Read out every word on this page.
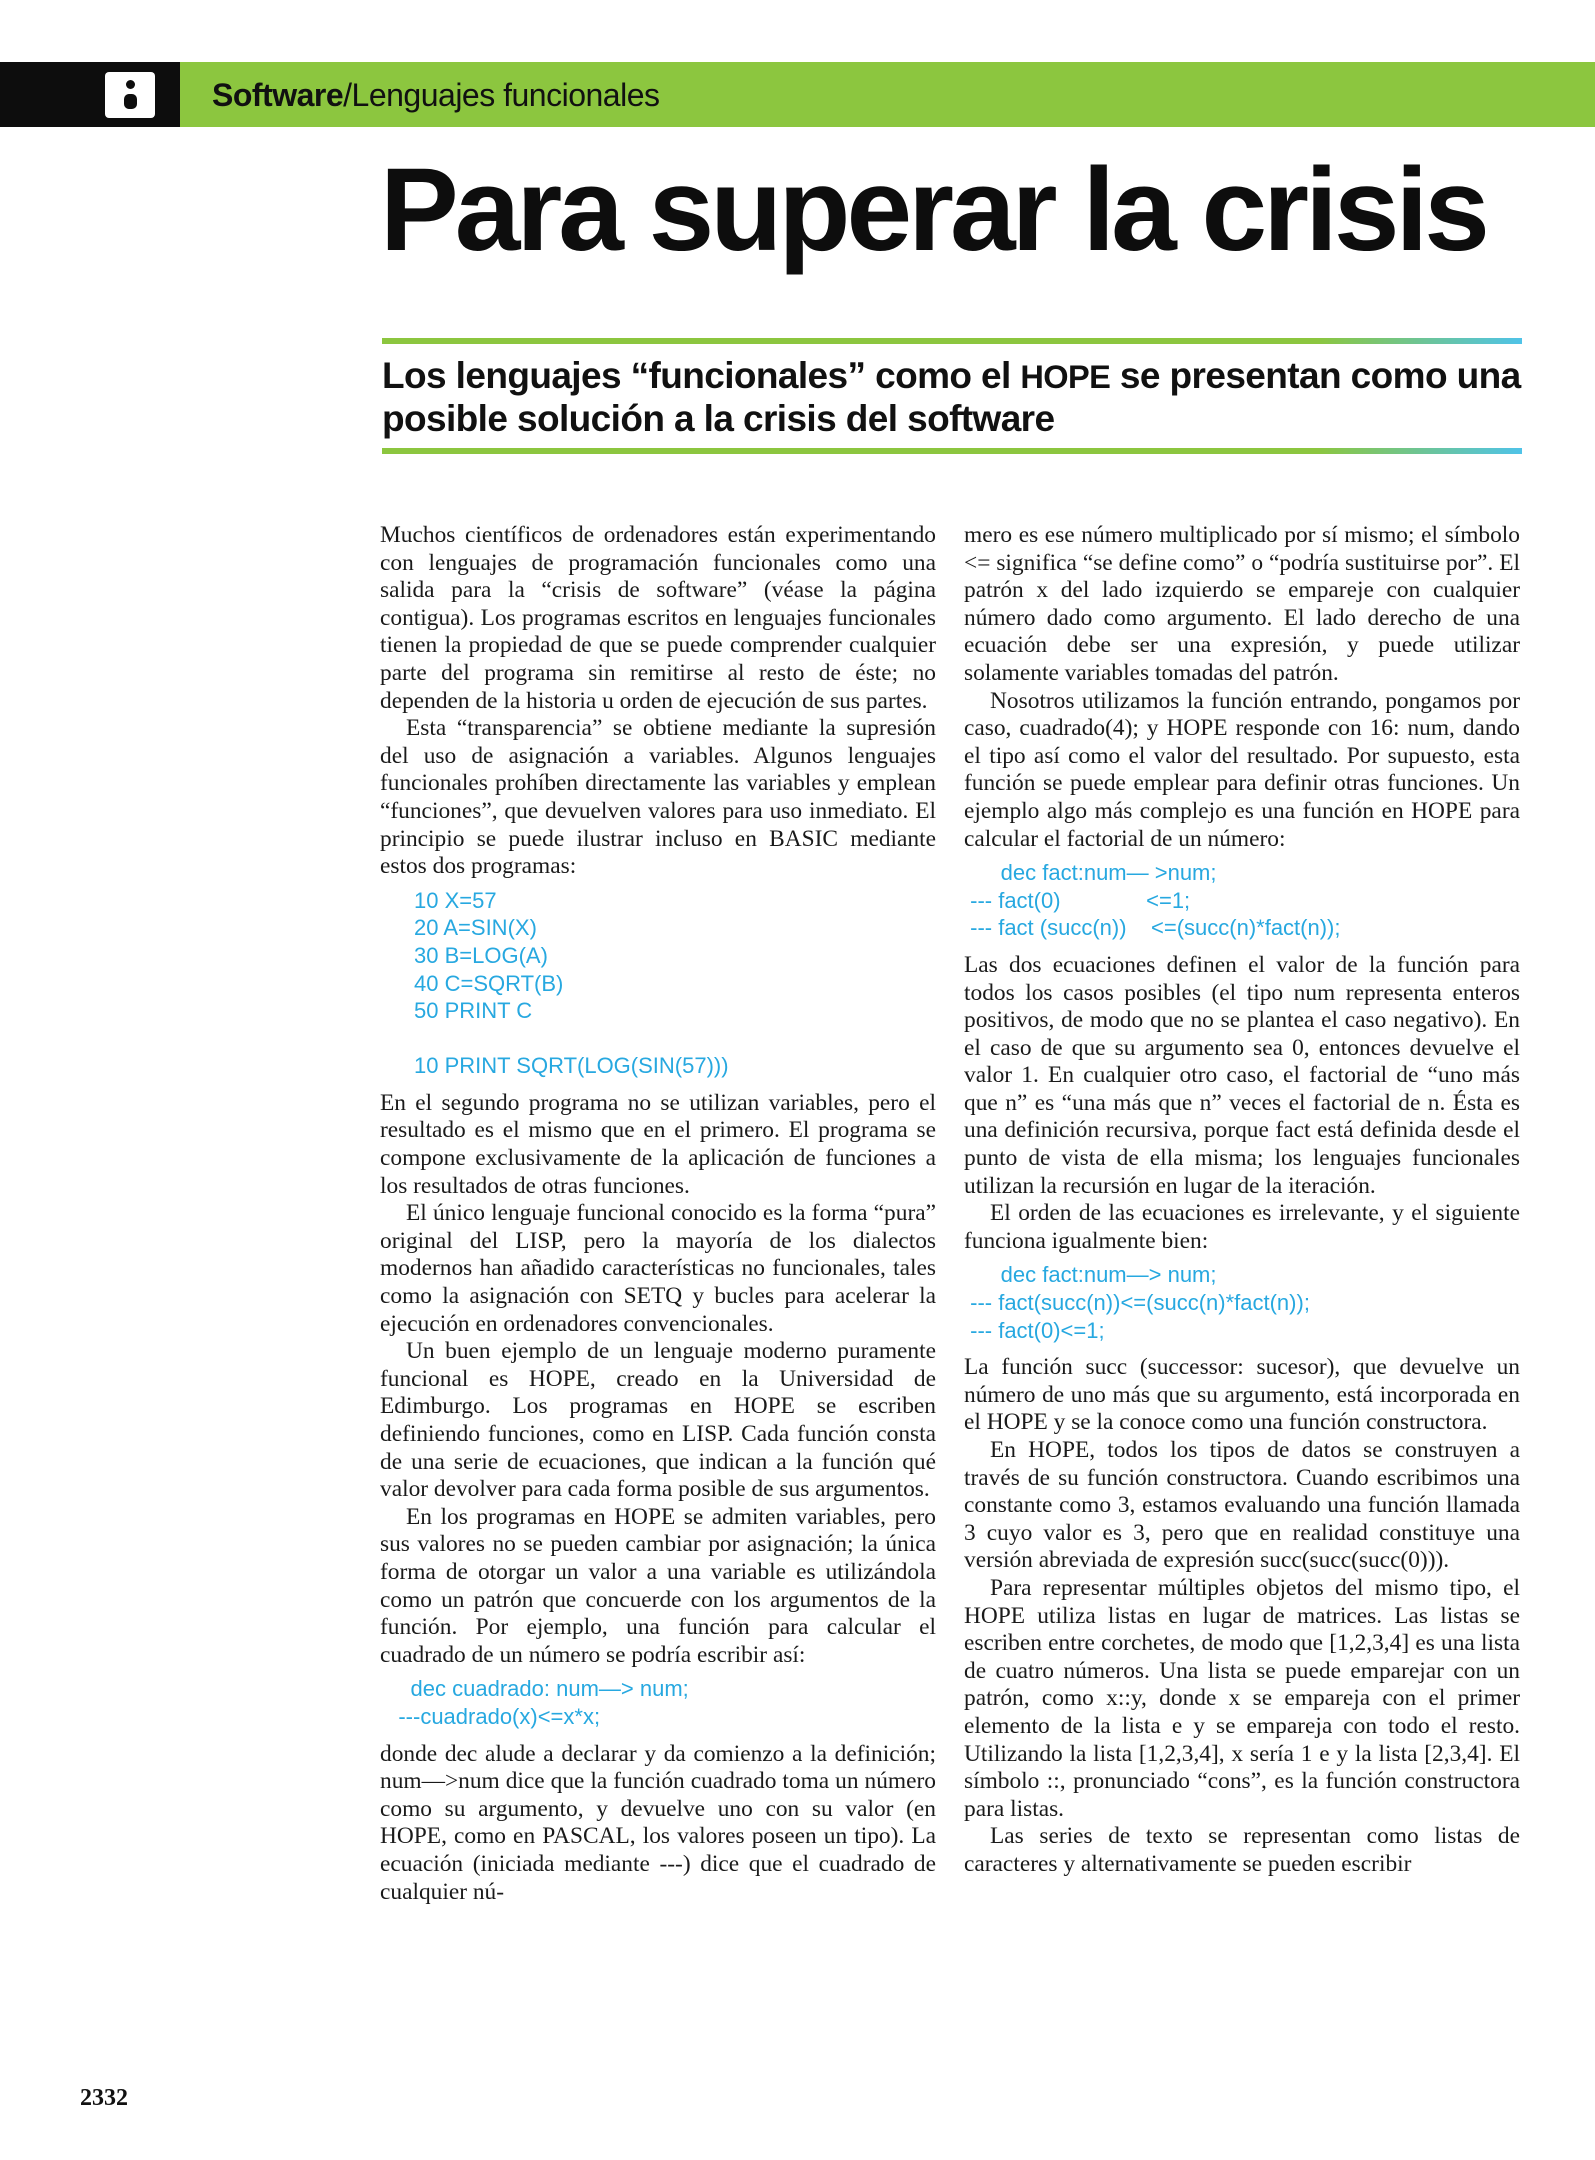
Software/Lenguajes funcionales
Para superar la crisis
Los lenguajes “funcionales” como el HOPE se presentan como una posible solución a la crisis del software

Muchos científicos de ordenadores están experimentando con lenguajes de programación funcionales como una salida para la “crisis de software” (véase la página contigua). Los programas escritos en lenguajes funcionales tienen la propiedad de que se puede comprender cualquier parte del programa sin remitirse al resto de éste; no dependen de la historia u orden de ejecución de sus partes.

Esta “transparencia” se obtiene mediante la supresión del uso de asignación a variables. Algunos lenguajes funcionales prohíben directamente las variables y emplean “funciones”, que devuelven valores para uso inmediato. El principio se puede ilustrar incluso en BASIC mediante estos dos programas:

10 X=57
20 A=SIN(X)
30 B=LOG(A)
40 C=SQRT(B)
50 PRINT C

10 PRINT SQRT(LOG(SIN(57)))

En el segundo programa no se utilizan variables, pero el resultado es el mismo que en el primero. El programa se compone exclusivamente de la aplicación de funciones a los resultados de otras funciones.

El único lenguaje funcional conocido es la forma “pura” original del LISP, pero la mayoría de los dialectos modernos han añadido características no funcionales, tales como la asignación con SETQ y bucles para acelerar la ejecución en ordenadores convencionales.

Un buen ejemplo de un lenguaje moderno puramente funcional es HOPE, creado en la Universidad de Edimburgo. Los programas en HOPE se escriben definiendo funciones, como en LISP. Cada función consta de una serie de ecuaciones, que indican a la función qué valor devolver para cada forma posible de sus argumentos.

En los programas en HOPE se admiten variables, pero sus valores no se pueden cambiar por asignación; la única forma de otorgar un valor a una variable es utilizándola como un patrón que concuerde con los argumentos de la función. Por ejemplo, una función para calcular el cuadrado de un número se podría escribir así:

dec cuadrado: num—> num;
---cuadrado(x)<=x*x;

donde dec alude a declarar y da comienzo a la definición; num—>num dice que la función cuadrado toma un número como su argumento, y devuelve uno con su valor (en HOPE, como en PASCAL, los valores poseen un tipo). La ecuación (iniciada mediante ---) dice que el cuadrado de cualquier nú-

mero es ese número multiplicado por sí mismo; el símbolo <= significa “se define como” o “podría sustituirse por”. El patrón x del lado izquierdo se empareje con cualquier número dado como argumento. El lado derecho de una ecuación debe ser una expresión, y puede utilizar solamente variables tomadas del patrón.

Nosotros utilizamos la función entrando, pongamos por caso, cuadrado(4); y HOPE responde con 16: num, dando el tipo así como el valor del resultado. Por supuesto, esta función se puede emplear para definir otras funciones. Un ejemplo algo más complejo es una función en HOPE para calcular el factorial de un número:

dec fact:num— >num;
--- fact(0)              <=1;
--- fact (succ(n))    <=(succ(n)*fact(n));

Las dos ecuaciones definen el valor de la función para todos los casos posibles (el tipo num representa enteros positivos, de modo que no se plantea el caso negativo). En el caso de que su argumento sea 0, entonces devuelve el valor 1. En cualquier otro caso, el factorial de “uno más que n” es “una más que n” veces el factorial de n. Ésta es una definición recursiva, porque fact está definida desde el punto de vista de ella misma; los lenguajes funcionales utilizan la recursión en lugar de la iteración.

El orden de las ecuaciones es irrelevante, y el siguiente funciona igualmente bien:

dec fact:num—> num;
--- fact(succ(n))<=(succ(n)*fact(n));
--- fact(0)<=1;

La función succ (successor: sucesor), que devuelve un número de uno más que su argumento, está incorporada en el HOPE y se la conoce como una función constructora.

En HOPE, todos los tipos de datos se construyen a través de su función constructora. Cuando escribimos una constante como 3, estamos evaluando una función llamada 3 cuyo valor es 3, pero que en realidad constituye una versión abreviada de expresión succ(succ(succ(0))).

Para representar múltiples objetos del mismo tipo, el HOPE utiliza listas en lugar de matrices. Las listas se escriben entre corchetes, de modo que [1,2,3,4] es una lista de cuatro números. Una lista se puede emparejar con un patrón, como x::y, donde x se empareja con el primer elemento de la lista e y se empareja con todo el resto. Utilizando la lista [1,2,3,4], x sería 1 e y la lista [2,3,4]. El símbolo ::, pronunciado “cons”, es la función constructora para listas.

Las series de texto se representan como listas de caracteres y alternativamente se pueden escribir

2332
